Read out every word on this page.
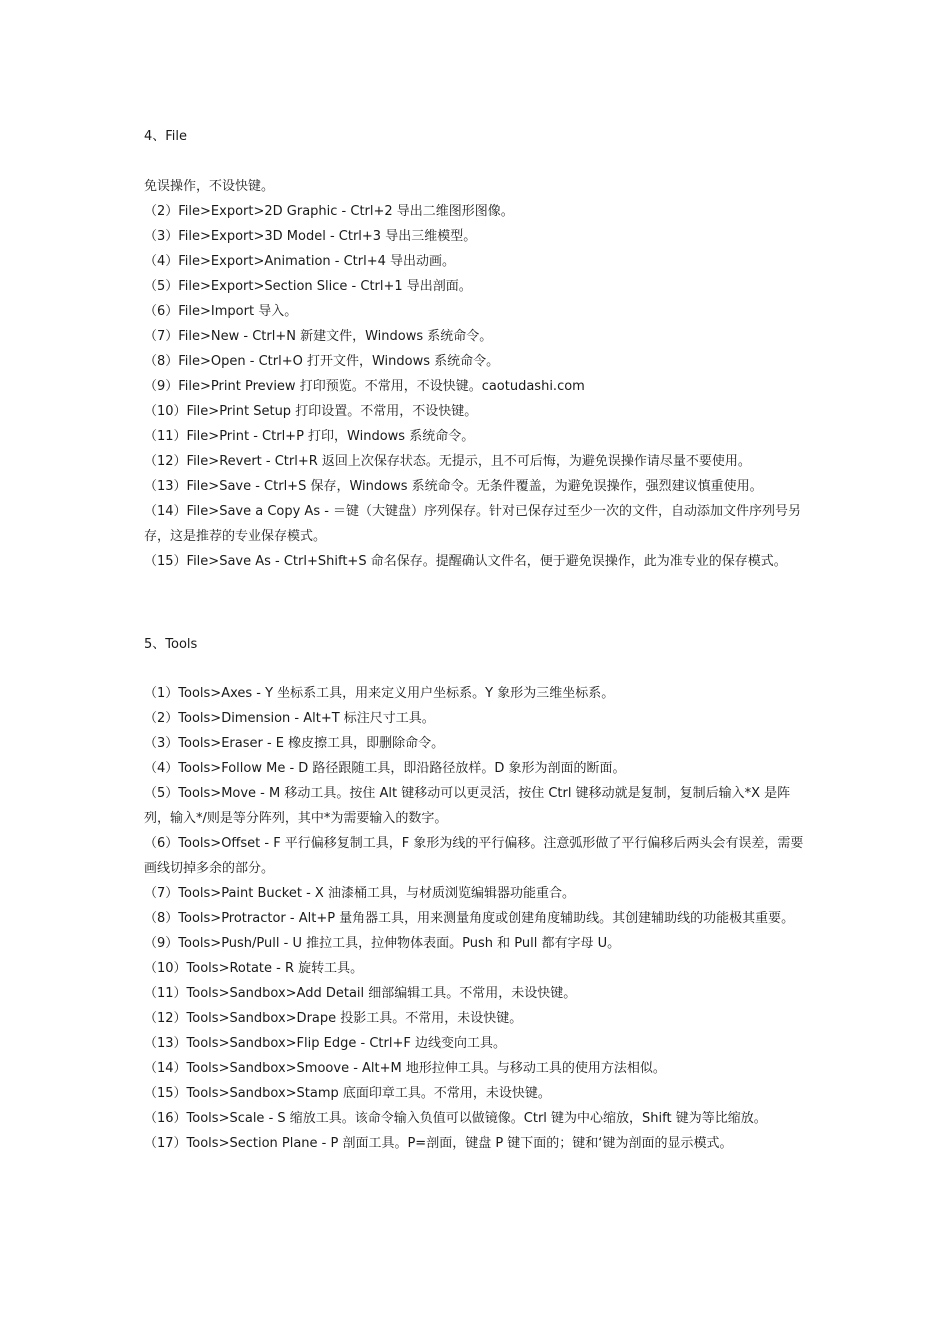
4、File

免误操作，不设快键。

（2）File>Export>2D Graphic - Ctrl+2 导出二维图形图像。

（3）File>Export>3D Model - Ctrl+3 导出三维模型。

（4）File>Export>Animation - Ctrl+4 导出动画。

（5）File>Export>Section Slice - Ctrl+1 导出剖面。

（6）File>Import 导入。

（7）File>New - Ctrl+N 新建文件，Windows 系统命令。

（8）File>Open - Ctrl+O 打开文件，Windows 系统命令。

（9）File>Print Preview 打印预览。不常用，不设快键。caotudashi.com

（10）File>Print Setup 打印设置。不常用，不设快键。

（11）File>Print - Ctrl+P 打印，Windows 系统命令。

（12）File>Revert - Ctrl+R 返回上次保存状态。无提示，且不可后悔，为避免误操作请尽量不要使用。

（13）File>Save - Ctrl+S 保存，Windows 系统命令。无条件覆盖，为避免误操作，强烈建议慎重使用。

（14）File>Save a Copy As - ＝键（大键盘）序列保存。针对已保存过至少一次的文件，自动添加文件序列号另存，这是推荐的专业保存模式。

（15）File>Save As - Ctrl+Shift+S 命名保存。提醒确认文件名，便于避免误操作，此为准专业的保存模式。

5、Tools

（1）Tools>Axes - Y 坐标系工具，用来定义用户坐标系。Y 象形为三维坐标系。

（2）Tools>Dimension - Alt+T 标注尺寸工具。

（3）Tools>Eraser - E 橡皮擦工具，即删除命令。

（4）Tools>Follow Me - D 路径跟随工具，即沿路径放样。D 象形为剖面的断面。

（5）Tools>Move - M 移动工具。按住 Alt 键移动可以更灵活，按住 Ctrl 键移动就是复制，复制后输入*X 是阵列，输入*/则是等分阵列，其中*为需要输入的数字。

（6）Tools>Offset - F 平行偏移复制工具，F 象形为线的平行偏移。注意弧形做了平行偏移后两头会有误差，需要画线切掉多余的部分。

（7）Tools>Paint Bucket - X 油漆桶工具，与材质浏览编辑器功能重合。

（8）Tools>Protractor - Alt+P 量角器工具，用来测量角度或创建角度辅助线。其创建辅助线的功能极其重要。

（9）Tools>Push/Pull - U 推拉工具，拉伸物体表面。Push 和 Pull 都有字母 U。

（10）Tools>Rotate - R 旋转工具。

（11）Tools>Sandbox>Add Detail 细部编辑工具。不常用，未设快键。

（12）Tools>Sandbox>Drape 投影工具。不常用，未设快键。

（13）Tools>Sandbox>Flip Edge - Ctrl+F 边线变向工具。

（14）Tools>Sandbox>Smoove - Alt+M 地形拉伸工具。与移动工具的使用方法相似。

（15）Tools>Sandbox>Stamp 底面印章工具。不常用，未设快键。

（16）Tools>Scale - S 缩放工具。该命令输入负值可以做镜像。Ctrl 键为中心缩放，Shift 键为等比缩放。

（17）Tools>Section Plane - P 剖面工具。P=剖面，键盘 P 键下面的；键和‘键为剖面的显示模式。
